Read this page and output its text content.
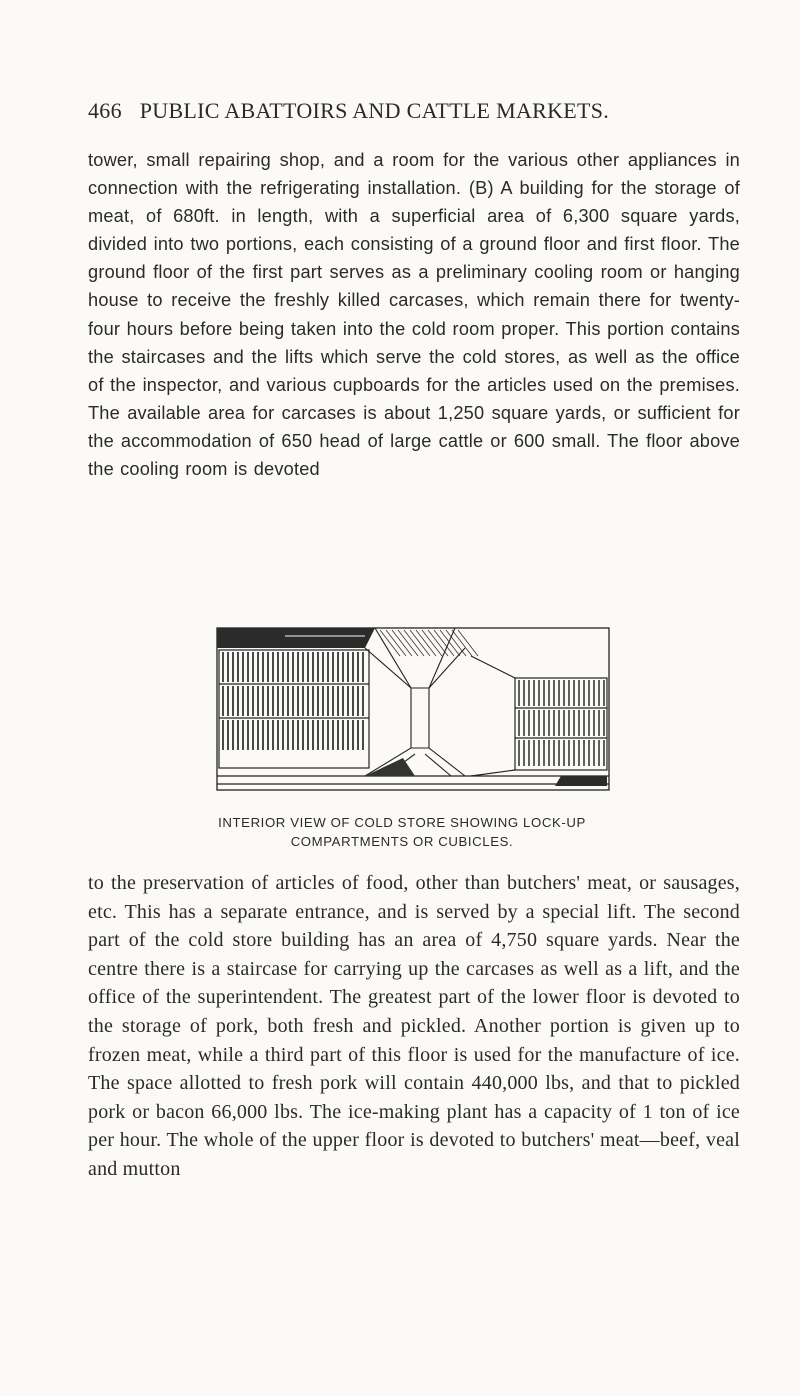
466 PUBLIC ABATTOIRS AND CATTLE MARKETS.

tower, small repairing shop, and a room for the various other appliances in connection with the refrigerating installation. (B) A building for the storage of meat, of 680ft. in length, with a superficial area of 6,300 square yards, divided into two portions, each consisting of a ground floor and first floor. The ground floor of the first part serves as a preliminary cooling room or hanging house to receive the freshly killed carcases, which remain there for twenty-four hours before being taken into the cold room proper. This portion contains the staircases and the lifts which serve the cold stores, as well as the office of the inspector, and various cupboards for the articles used on the premises. The available area for carcases is about 1,250 square yards, or sufficient for the accommodation of 650 head of large cattle or 600 small. The floor above the cooling room is devoted

INTERIOR VIEW OF COLD STORE SHOWING LOCK-UP COMPARTMENTS OR CUBICLES.

to the preservation of articles of food, other than butchers' meat, or sausages, etc. This has a separate entrance, and is served by a special lift. The second part of the cold store building has an area of 4,750 square yards. Near the centre there is a staircase for carrying up the carcases as well as a lift, and the office of the superintendent. The greatest part of the lower floor is devoted to the storage of pork, both fresh and pickled. Another portion is given up to frozen meat, while a third part of this floor is used for the manufacture of ice. The space allotted to fresh pork will contain 440,000 lbs, and that to pickled pork or bacon 66,000 lbs. The ice-making plant has a capacity of 1 ton of ice per hour. The whole of the upper floor is devoted to butchers' meat—beef, veal and mutton
